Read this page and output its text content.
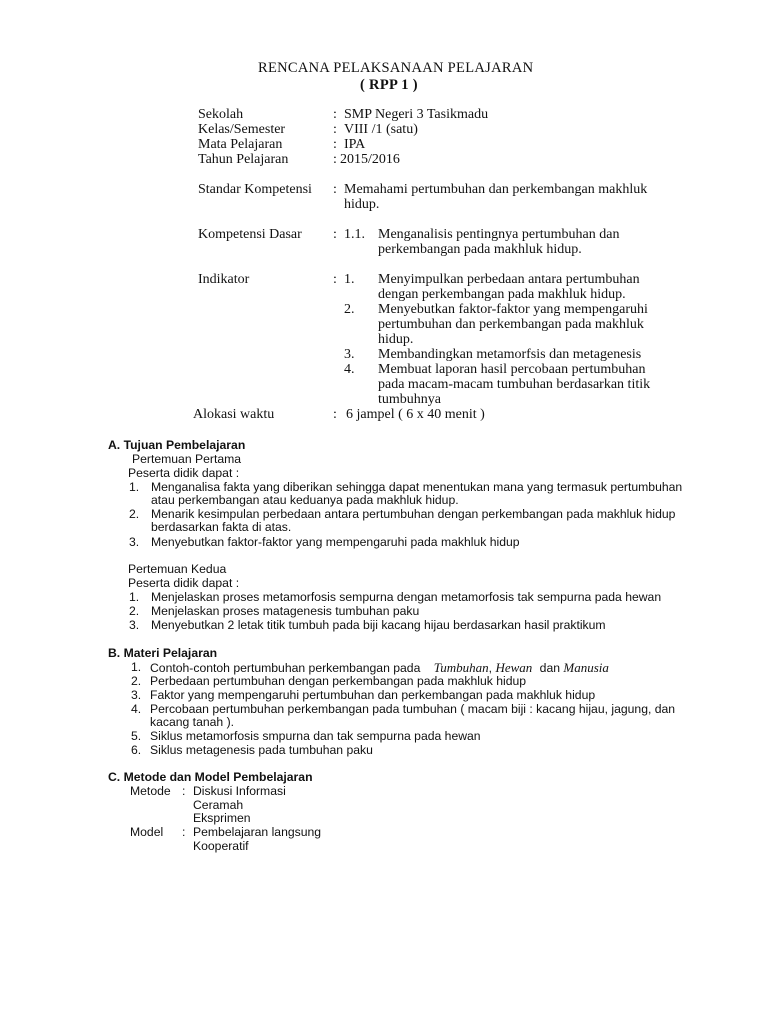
RENCANA PELAKSANAAN PELAJARAN
( RPP 1 )
Sekolah	: SMP Negeri 3 Tasikmadu
Kelas/Semester	: VIII /1 (satu)
Mata Pelajaran	: IPA
Tahun Pelajaran	: 2015/2016
Standar Kompetensi : Memahami pertumbuhan dan perkembangan makhluk
hidup.
Kompetensi Dasar : 1.1. Menganalisis pentingnya pertumbuhan dan
perkembangan pada makhluk hidup.
Indikator	: 1. Menyimpulkan perbedaan antara pertumbuhan
dengan perkembangan pada makhluk hidup.
2. Menyebutkan faktor-faktor yang mempengaruhi
pertumbuhan dan perkembangan pada makhluk
hidup.
3. Membandingkan metamorfsis dan metagenesis
4. Membuat laporan hasil percobaan pertumbuhan
pada macam-macam tumbuhan berdasarkan titik
tumbuhnya
Alokasi waktu	: 6 jampel ( 6 x 40 menit )
A. Tujuan Pembelajaran
Pertemuan Pertama
Peserta didik dapat :
1. Menganalisa fakta yang diberikan sehingga dapat menentukan mana yang termasuk pertumbuhan
atau perkembangan atau keduanya pada makhluk hidup.
2. Menarik kesimpulan perbedaan antara pertumbuhan dengan perkembangan pada makhluk hidup
berdasarkan fakta di atas.
3. Menyebutkan faktor-faktor yang mempengaruhi pada makhluk hidup
Pertemuan Kedua
Peserta didik dapat :
1. Menjelaskan proses metamorfosis sempurna dengan metamorfosis tak sempurna pada hewan
2. Menjelaskan proses matagenesis tumbuhan paku
3. Menyebutkan 2 letak titik tumbuh pada biji kacang hijau berdasarkan hasil praktikum
B. Materi Pelajaran
1. Contoh-contoh pertumbuhan perkembangan pada Tumbuhan, Hewan dan Manusia
2. Perbedaan pertumbuhan dengan perkembangan pada makhluk hidup
3. Faktor yang mempengaruhi pertumbuhan dan perkembangan pada makhluk hidup
4. Percobaan pertumbuhan perkembangan pada tumbuhan ( macam biji : kacang hijau, jagung, dan
kacang tanah ).
5. Siklus metamorfosis smpurna dan tak sempurna pada hewan
6. Siklus metagenesis pada tumbuhan paku
C. Metode dan Model Pembelajaran
Metode : Diskusi Informasi
Ceramah
Eksprimen
Model : Pembelajaran langsung
Kooperatif
